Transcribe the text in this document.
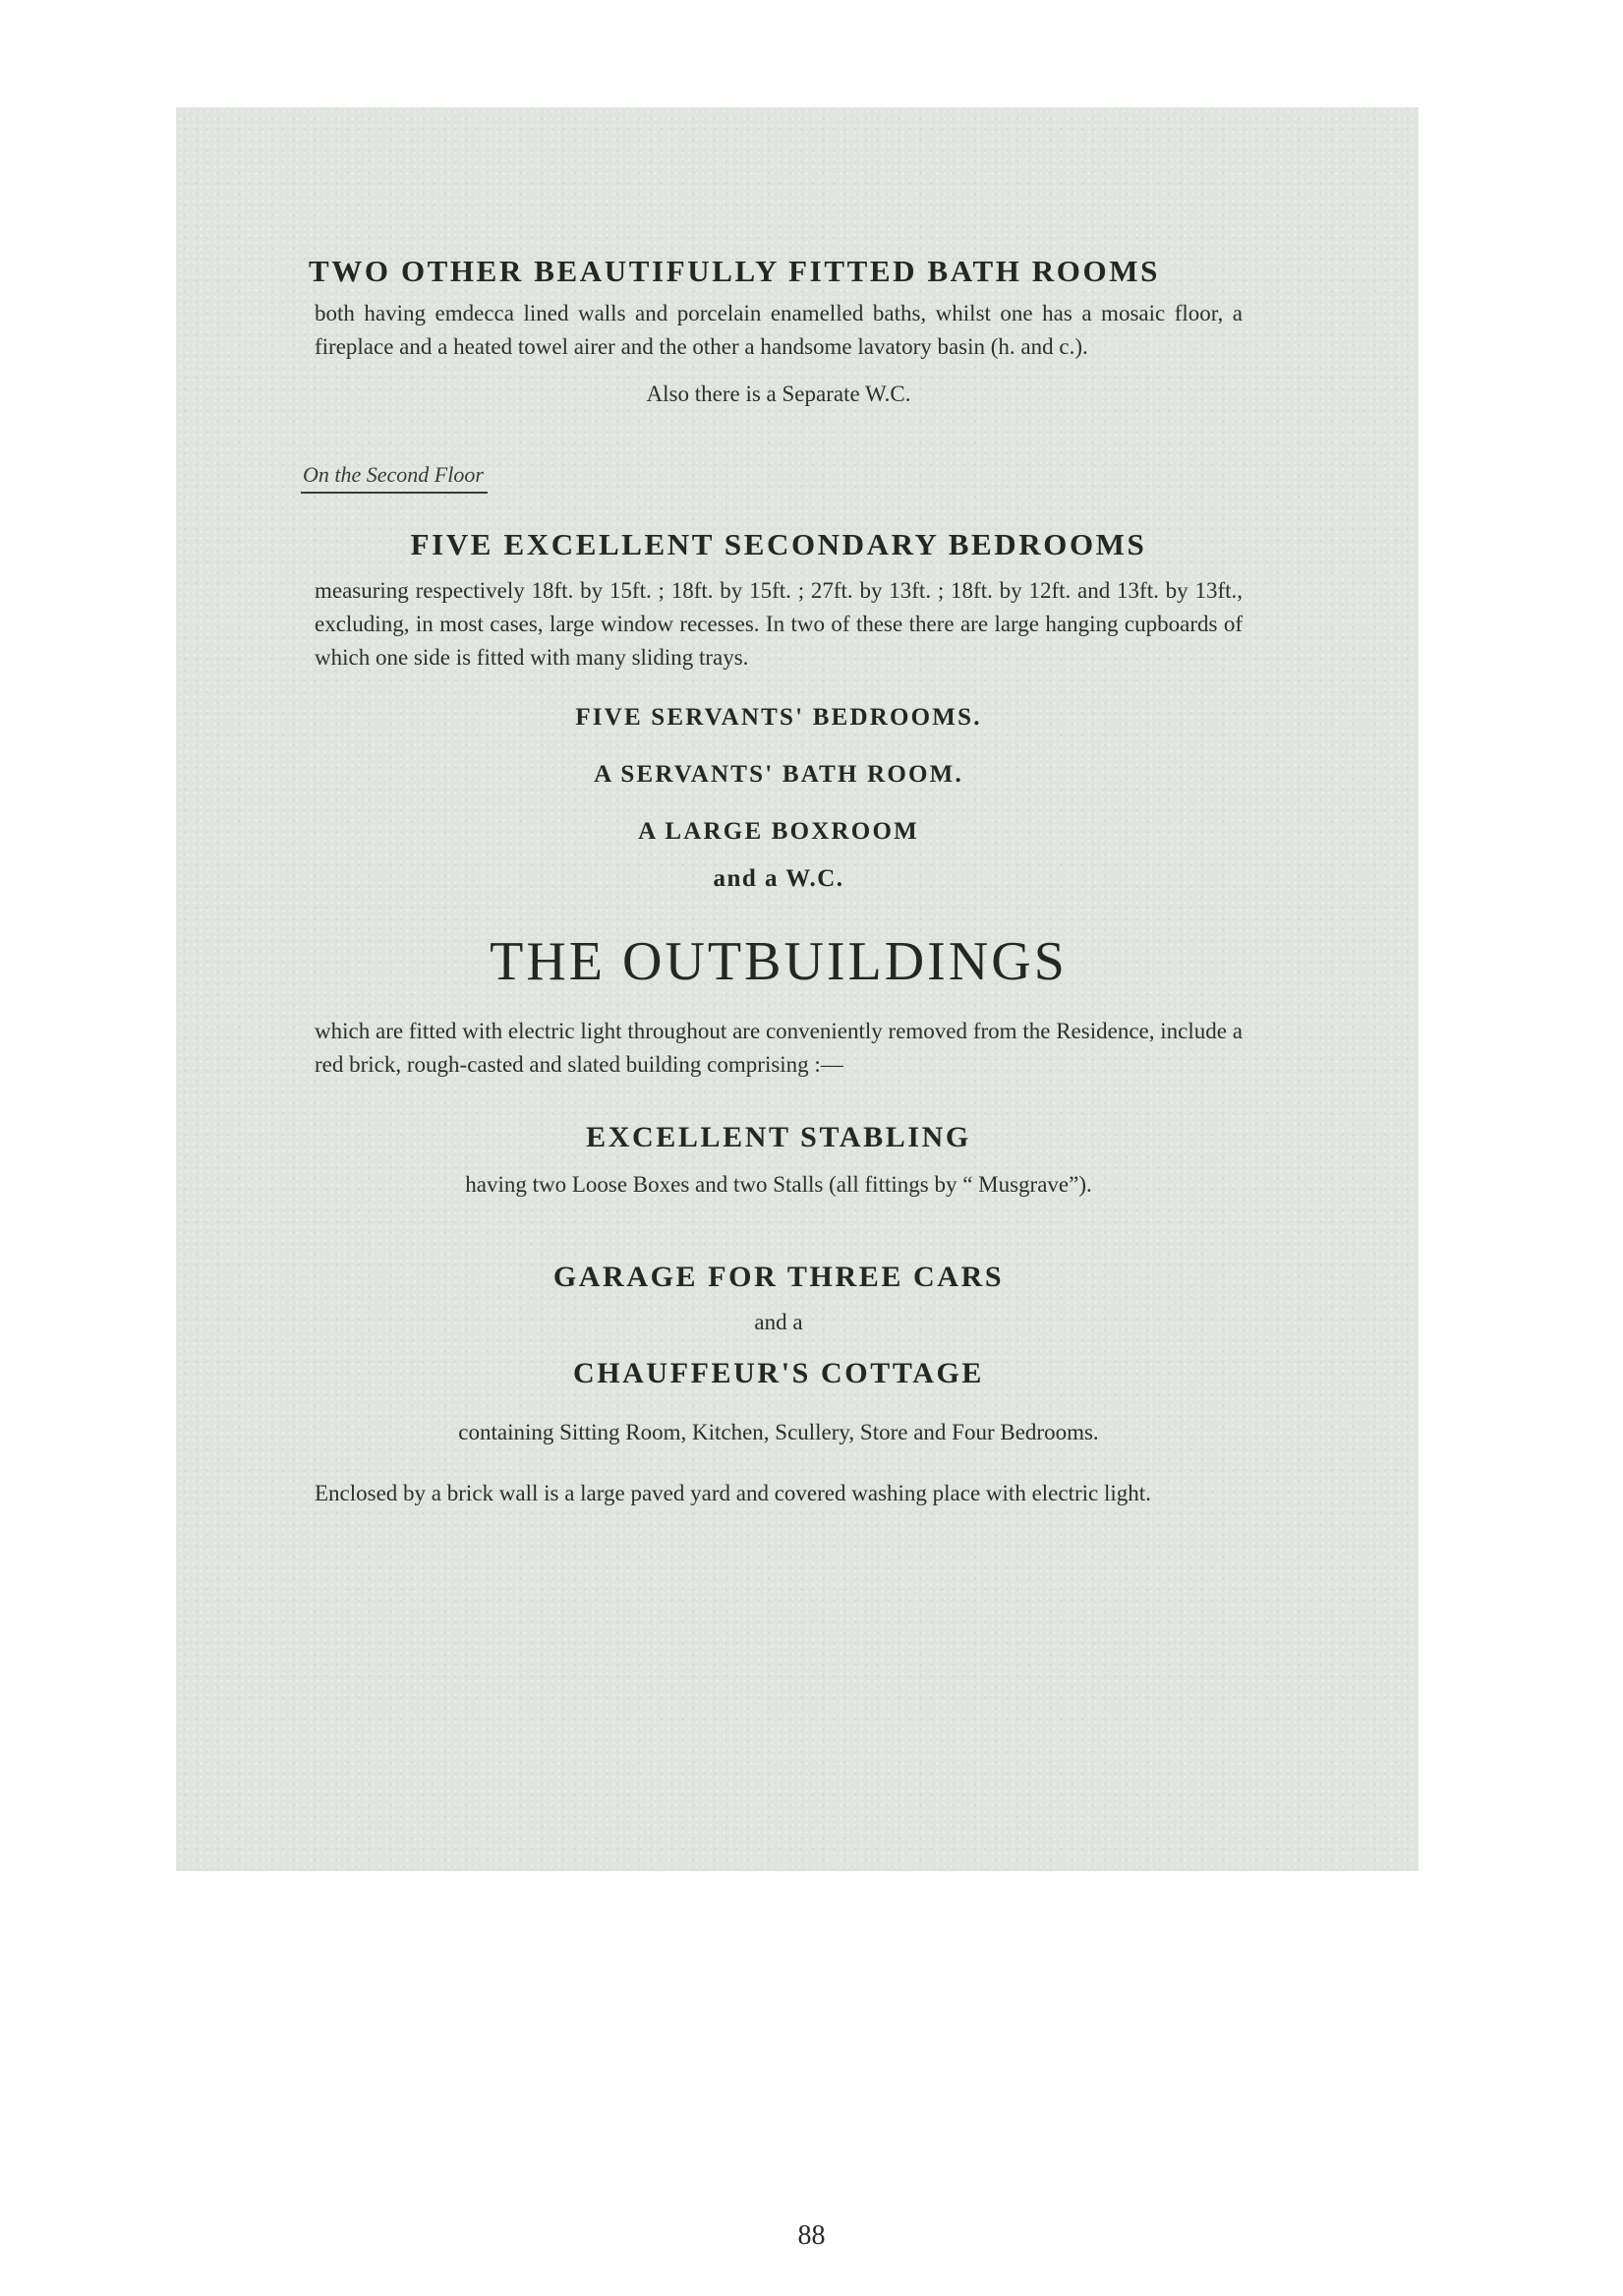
TWO OTHER BEAUTIFULLY FITTED BATH ROOMS

both having emdecca lined walls and porcelain enamelled baths, whilst one has a mosaic floor, a fireplace and a heated towel airer and the other a handsome lavatory basin (h. and c.).

Also there is a Separate W.C.

On the Second Floor
FIVE EXCELLENT SECONDARY BEDROOMS

measuring respectively 18ft. by 15ft. ; 18ft. by 15ft. ; 27ft. by 13ft. ; 18ft. by 12ft. and 13ft. by 13ft., excluding, in most cases, large window recesses. In two of these there are large hanging cupboards of which one side is fitted with many sliding trays.

FIVE SERVANTS' BEDROOMS.
A SERVANTS' BATH ROOM.
A LARGE BOXROOM
and a W.C.
THE OUTBUILDINGS

which are fitted with electric light throughout are conveniently removed from the Residence, include a red brick, rough-casted and slated building comprising :—

EXCELLENT STABLING

having two Loose Boxes and two Stalls (all fittings by “ Musgrave”).

GARAGE FOR THREE CARS

and a

CHAUFFEUR'S COTTAGE

containing Sitting Room, Kitchen, Scullery, Store and Four Bedrooms.

Enclosed by a brick wall is a large paved yard and covered washing place with electric light.

88
